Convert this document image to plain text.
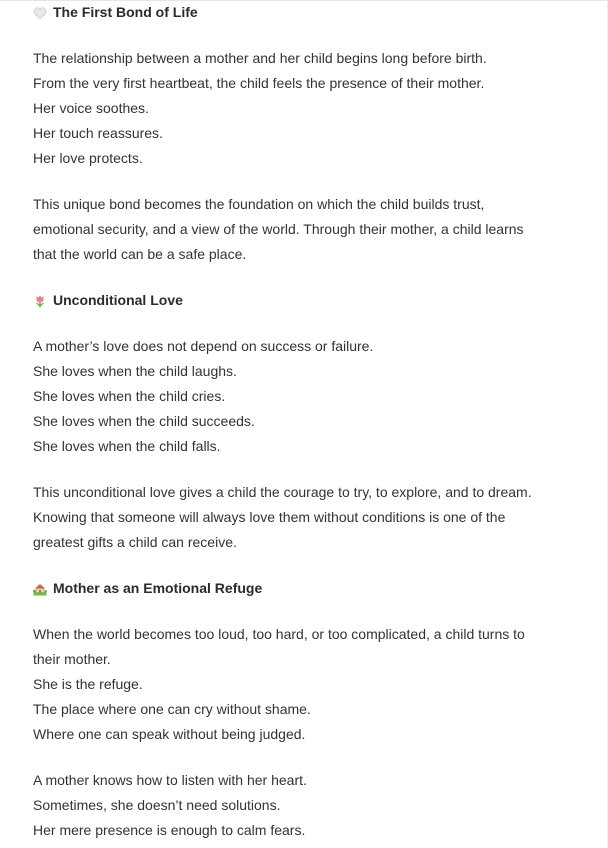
The First Bond of Life

The relationship between a mother and her child begins long before birth.

From the very first heartbeat, the child feels the presence of their mother.

Her voice soothes.

Her touch reassures.

Her love protects.

This unique bond becomes the foundation on which the child builds trust,

emotional security, and a view of the world. Through their mother, a child learns

that the world can be a safe place.

Unconditional Love

A mother’s love does not depend on success or failure.

She loves when the child laughs.

She loves when the child cries.

She loves when the child succeeds.

She loves when the child falls.

This unconditional love gives a child the courage to try, to explore, and to dream.

Knowing that someone will always love them without conditions is one of the

greatest gifts a child can receive.

Mother as an Emotional Refuge

When the world becomes too loud, too hard, or too complicated, a child turns to

their mother.

She is the refuge.

The place where one can cry without shame.

Where one can speak without being judged.

A mother knows how to listen with her heart.

Sometimes, she doesn’t need solutions.

Her mere presence is enough to calm fears.
